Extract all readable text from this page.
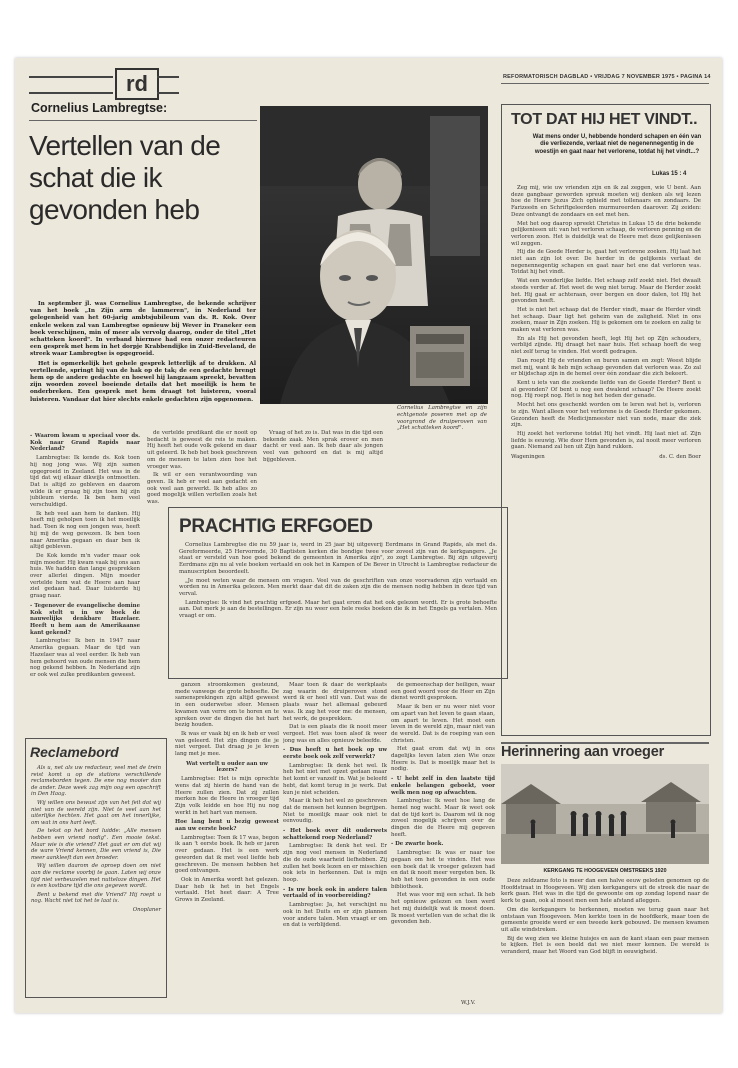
rd	REFORMATORISCH DAGBLAD • VRIJDAG 7 NOVEMBER 1975 • PAGINA 14
Cornelius Lambregtse:
Vertellen van de schat die ik gevonden heb
In september jl. was Cornelius Lambregtse, de bekende schrijver van het boek „In Zijn arm de lammeren", in Nederland ter gelegenheid van het 60-jarig ambtsjubileum van ds. R. Kok. Over enkele weken zal van Lambregtse opnieuw bij Wever in Franeker een boek verschijnen, min of meer als vervolg daarop, onder de titel „Het schatteken koord". In verband hiermee had een onzer redacteuren een gesprek met hem in het dorpje Krabbendijke in Zuid-Beveland, de streek waar Lambregtse is opgegroeid.
Het is opmerkelijk het gehele gesprek letterlijk af te drukken. Al vertellende, springt hij van de hak op de tak; de een gedachte brengt hem op de andere gedachte en hoewel hij langzaam spreekt, bevatten zijn woorden zoveel boeiende details dat het moeilijk is hem te onderbreken. Een gesprek met hem draagt tot luisteren, vooral luisteren. Vandaar dat hier slechts enkele gedachten zijn opgenomen.
- Waarom kwam u speciaal voor ds. Kok naar Grand Rapids naar Nederland?

Lambregtse: Ik kende ds. Kok toen hij nog jong was. Wij zijn samen opgegroeid in Zeeland. Het was in de tijd dat wij elkaar dikwijls ontmoetten. Dat is altijd zo gebleven en daarom wilde ik er graag bij zijn toen hij zijn jubileum vierde. Ik ben hem veel verschuldigd.

Ik heb veel aan hem te danken. Hij heeft mij geholpen toen ik het moeilijk had. Toen ik nog een jongen was, heeft hij mij de weg gewezen. Ik ben toen naar Amerika gegaan en daar ben ik altijd gebleven.

De Kok kende m'n vader maar ook mijn moeder. Hij kwam vaak bij ons aan huis. We hadden dan lange gesprekken over allerlei dingen. Mijn moeder vertelde hem wat de Heere aan haar ziel gedaan had. Daar luisterde hij graag naar.

- Tegenover de evangelische domine Kok stelt u in uw boek de nauwelijks denkbare Hazelaer. Heeft u hem aan de Amerikaanse kant gekend?

Lambregtse: Ik ben in 1947 naar Amerika gegaan. Maar de tijd van Hazelaer was al veel eerder. Ik heb van hem gehoord van oude mensen die hem nog gekend hebben. In Nederland zijn er ook wel zulke predikanten geweest.

de vertelde predikant die er nooit op bedacht is geweest de reis te maken. Hij heeft het oude volk gekend en daar uit geleerd. Ik heb het boek geschreven om de mensen te laten zien hoe het vroeger was.

Ik wil er een verantwoording van geven. Ik heb er veel aan gedacht en ook veel aan gewerkt. Ik heb alles zo goed mogelijk willen vertellen zoals het was.

Vraag of het zo is. Dat was in die tijd een bekende zaak. Men sprak erover en men dacht er veel aan. Ik heb daar als jongen veel van gehoord en dat is mij altijd bijgebleven.

Cornelius Lambregtse en zijn echtgenote poseren met op de voorgrond de druiperoven van „Het schatteken koord".
PRACHTIG ERFGOED

Cornelius Lambregtse die nu 59 jaar is, werd in 25 jaar bij uitgeverij Eerdmans in Grand Rapids, als met ds. Gereformeerde, 25 Hervormde, 30 Baptisten kerken die bondige twee voor zoveel zijn van de kerkgangers. „Je staat er versteld van hoe goed bekend de gemeenten in Amerika zijn", zo zegt Lambregtse. Bij zijn uitgeverij Eerdmans zijn nu al vele boeken vertaald en ook het in Kampen of De Bever in Utrecht is Lambregtse redacteur de manuscripten beoordeelt.

„Je moet weten waar de mensen om vragen. Veel van de geschriften van onze voorvaderen zijn vertaald en worden nu in Amerika gelezen. Men merkt daar dat dit de zaken zijn die de mensen nodig hebben in deze tijd van verval.

Lambregtse: Ik vind het prachtig erfgoed. Maar het gaat erom dat het ook gelezen wordt. Er is grote behoefte aan. Dat merk je aan de bestellingen. Er zijn nu weer een hele reeks boeken die ik in het Engels ga vertalen. Men vraagt er om.

Reclamebord

Als u, net als uw redacteur, veel met de trein reist komt u op de stations verschillende reclameborden tegen. De ene nog mooier dan de ander. Deze week zag mijn oog een opschrift in Den Haag.

Wij willen ons bewust zijn van het feit dat wij niet van de wereld zijn. Niet te veel aan het uiterlijke hechten. Het gaat om het innerlijke, om wat in ons hart leeft.

De tekst op het bord luidde: „Alle mensen hebben een vriend nodig". Een mooie tekst. Maar wie is die vriend? Het gaat er om dat wij de ware Vriend kennen, Die een vriend is, Die meer aankleeft dan een broeder.

Wij willen daarom de oproep doen om niet aan die reclame voorbij te gaan. Laten wij onze tijd niet verbeuzelen met nutteloze dingen. Het is een kostbare tijd die ons gegeven wordt.

Bent u bekend met die Vriend? Hij roept u nog. Wacht niet tot het te laat is.

Onoplaner

ganzen stroomkomen gesteund, mede vanwege de grote behoefte. De samensprekingen zijn altijd geweest in een ouderwetse sfeer. Mensen kwamen van verre om te horen en te spreken over de dingen die het hart bezig houden.

Ik was er vaak bij en ik heb er veel van geleerd. Het zijn dingen die je niet vergeet. Dat draag je je leven lang met je mee.

Wat vertelt u ouder aan uw lezers?

Lambregtse: Het is mijn oprechte wens dat zij hierin de hand van de Heere zullen zien. Dat zij zullen merken hoe de Heere in vroeger tijd Zijn volk leidde en hoe Hij nu nog werkt in het hart van mensen.

Hoe lang bent u bezig geweest aan uw eerste boek?

Lambregtse: Toen ik 17 was, begon ik aan 't eerste boek. Ik heb er jaren over gedaan. Het is een werk geworden dat ik met veel liefde heb geschreven. De mensen hebben het goed ontvangen.

Ook in Amerika wordt het gelezen. Daar heb ik het in het Engels vertaald. Het heet daar: A Tree Grows in Zeeland.

Maar toen ik daar de werkplaats zag waarin de druiperoven stond werd ik er heel stil van. Dat was de plaats waar het allemaal gebeurd was. Ik zag het voor me: de mensen, het werk, de gesprekken.

Dat is een plaats die ik nooit meer vergeet. Het was toen alsof ik weer jong was en alles opnieuw beleefde.

- Dus heeft u het boek op uw eerste boek ook zelf verwerkt?

Lambregtse: Ik denk het wel. Ik heb het niet met opzet gedaan maar het komt er vanzelf in. Wat je beleefd hebt, dat komt terug in je werk. Dat kun je niet scheiden.

Maar ik heb het wel zo geschreven dat de mensen het kunnen begrijpen. Niet te moeilijk maar ook niet te eenvoudig.

- Het boek over dit ouderwets schattekend roep Nederland?

Lambregtse: Ik denk het wel. Er zijn nog veel mensen in Nederland die de oude waarheid liefhebben. Zij zullen het boek lezen en er misschien ook iets in herkennen. Dat is mijn hoop.

- Is uw boek ook in andere talen vertaald of in voorbereiding?

Lambregtse: Ja, het verschijnt nu ook in het Duits en er zijn plannen voor andere talen. Men vraagt er om en dat is verblijdend.

de gemeenschap der heiligen, waar een goed woord voor de Heer en Zijn dienst wordt gesproken.

Maar ik ben er nu weer niet voor om apart van het leven te gaan staan, om apart te leven. Het moet een leven in de wereld zijn, maar niet van de wereld. Dat is de roeping van een christen.

Het gaat erom dat wij in ons dagelijks leven laten zien Wie onze Heere is. Dat is moeilijk maar het is nodig.

- U hebt zelf in den laatste tijd enkele belangen geboekt, voor welk men nog op afwachten.

Lambregtse: Ik weet hoe lang de hemel nog wacht. Maar ik weet ook dat de tijd kort is. Daarom wil ik nog zoveel mogelijk schrijven over de dingen die de Heere mij gegeven heeft.

- De zwarte boek.

Lambregtse: Ik was er naar toe gegaan om het te vinden. Het was een boek dat ik vroeger gelezen had en dat ik nooit meer vergeten ben. Ik heb het toen gevonden in een oude bibliotheek.

Het was voor mij een schat. Ik heb het opnieuw gelezen en toen werd het mij duidelijk wat ik moest doen. Ik moest vertellen van de schat die ik gevonden heb.

W.J.V.
TOT DAT HIJ HET VINDT..
Wat mens onder U, hebbende honderd schapen en één van die verliezende, verlaat niet de negenennegentig in de woestijn en gaat naar het verlorene, totdat hij het vindt...?
Lukas 15 : 4

Zeg mij, wie uw vrienden zijn en ik zal zeggen, wie U bent. Aan deze gangbaar geworden spreuk moeten wij denken als wij lezen hoe de Heere Jezus Zich ophield met tollenaars en zondaars. De Farizeeën en Schriftgeleerden murmureerden daarover. Zij zeiden: Deze ontvangt de zondaars en eet met hen.

Met het oog daarop spreekt Christus in Lukas 15 de drie bekende gelijkenissen uit: van het verloren schaap, de verloren penning en de verloren zoon. Het is duidelijk wat de Heere met deze gelijkenissen wil zeggen.

Hij die de Goede Herder is, gaat het verlorene zoeken. Hij laat het niet aan zijn lot over. De herder in de gelijkenis verlaat de negenennegentig schapen en gaat naar het ene dat verloren was. Totdat hij het vindt.

Wat een wonderlijke liefde. Het schaap zelf zoekt niet. Het dwaalt steeds verder af. Het weet de weg niet terug. Maar de Herder zoekt het. Hij gaat er achteraan, over bergen en door dalen, tot Hij het gevonden heeft.

Het is niet het schaap dat de Herder vindt, maar de Herder vindt het schaap. Daar ligt het geheim van de zaligheid. Niet in ons zoeken, maar in Zijn zoeken. Hij is gekomen om te zoeken en zalig te maken wat verloren was.

En als Hij het gevonden heeft, legt Hij het op Zijn schouders, verblijd zijnde. Hij draagt het naar huis. Het schaap hoeft de weg niet zelf terug te vinden. Het wordt gedragen.

Dan roept Hij de vrienden en buren samen en zegt: Weest blijde met mij, want ik heb mijn schaap gevonden dat verloren was. Zo zal er blijdschap zijn in de hemel over één zondaar die zich bekeert.

Kent u iets van die zoekende liefde van de Goede Herder? Bent u al gevonden? Of bent u nog een dwalend schaap? De Heere zoekt nog. Hij roept nog. Het is nog het heden der genade.

Mocht het ons geschenkt worden om te leren wat het is, verloren te zijn. Want alleen voor het verlorene is de Goede Herder gekomen. Gezonden heeft de Medicijnmeester niet van node, maar die ziek zijn.

Hij zoekt het verlorene totdat Hij het vindt. Hij laat niet af. Zijn liefde is eeuwig. Wie door Hem gevonden is, zal nooit meer verloren gaan. Niemand zal hen uit Zijn hand rukken.

Wageningen	ds. C. den Boer
Herinnering aan vroeger
KERKGANG TE HOOGEVEEN OMSTREEKS 1920

Deze zeldzame foto is meer dan een halve eeuw geleden genomen op de Hoofdstraat in Hoogeveen. Wij zien kerkgangers uit de streek die naar de kerk gaan. Het was in die tijd de gewoonte om op zondag lopend naar de kerk te gaan, ook al moest men een hele afstand afleggen.

Om die kerkgangers te herkennen, moeten we terug gaan naar het ontstaan van Hoogeveen. Men kerkte toen in de hoofdkerk, maar toen de gemeente groeide werd er een tweede kerk gebouwd. De mensen kwamen uit alle windstreken.

Bij de weg zien we kleine huisjes en aan de kant staan een paar mensen te kijken. Het is een beeld dat we niet meer kennen. De wereld is veranderd, maar het Woord van God blijft in eeuwigheid.
